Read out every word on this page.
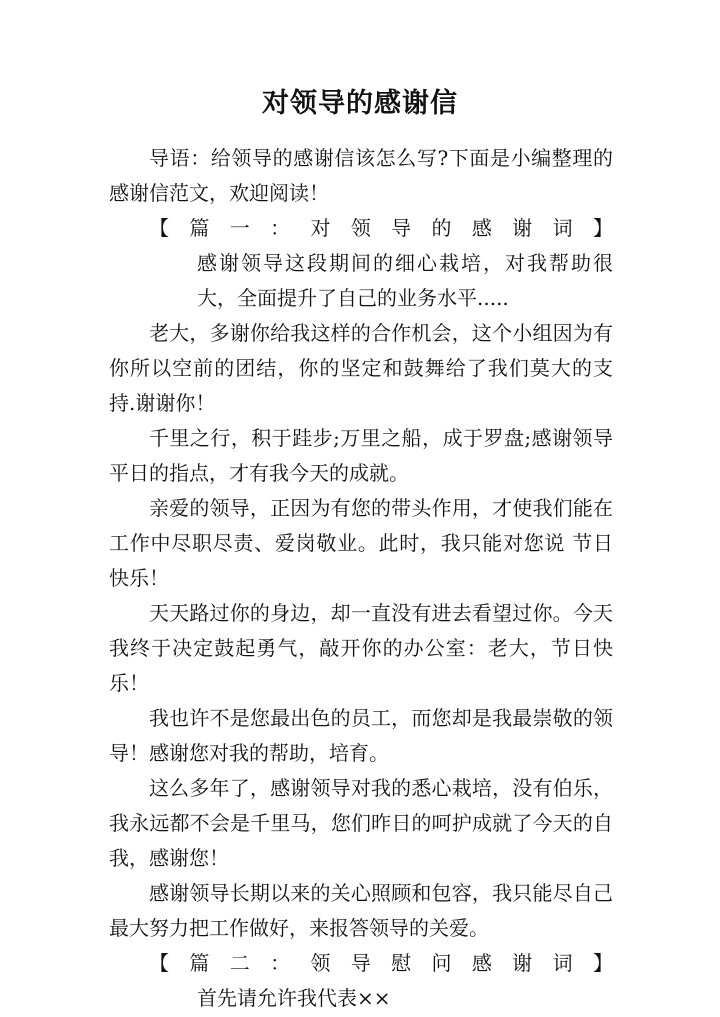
对领导的感谢信

导语：给领导的感谢信该怎么写?下面是小编整理的感谢信范文，欢迎阅读！

【篇一：对领导的感谢词】感谢领导这段期间的细心栽培，对我帮助很大，全面提升了自己的业务水平.....

老大，多谢你给我这样的合作机会，这个小组因为有你所以空前的团结，你的坚定和鼓舞给了我们莫大的支持.谢谢你！

千里之行，积于跬步;万里之船，成于罗盘;感谢领导平日的指点，才有我今天的成就。

亲爱的领导，正因为有您的带头作用，才使我们能在工作中尽职尽责、爱岗敬业。此时，我只能对您说 节日快乐！

天天路过你的身边，却一直没有进去看望过你。今天我终于决定鼓起勇气，敲开你的办公室：老大，节日快乐！

我也许不是您最出色的员工，而您却是我最崇敬的领导！感谢您对我的帮助，培育。

这么多年了，感谢领导对我的悉心栽培，没有伯乐，我永远都不会是千里马，您们昨日的呵护成就了今天的自我，感谢您！

感谢领导长期以来的关心照顾和包容，我只能尽自己最大努力把工作做好，来报答领导的关爱。

【篇二：领导慰问感谢词】首先请允许我代表××
